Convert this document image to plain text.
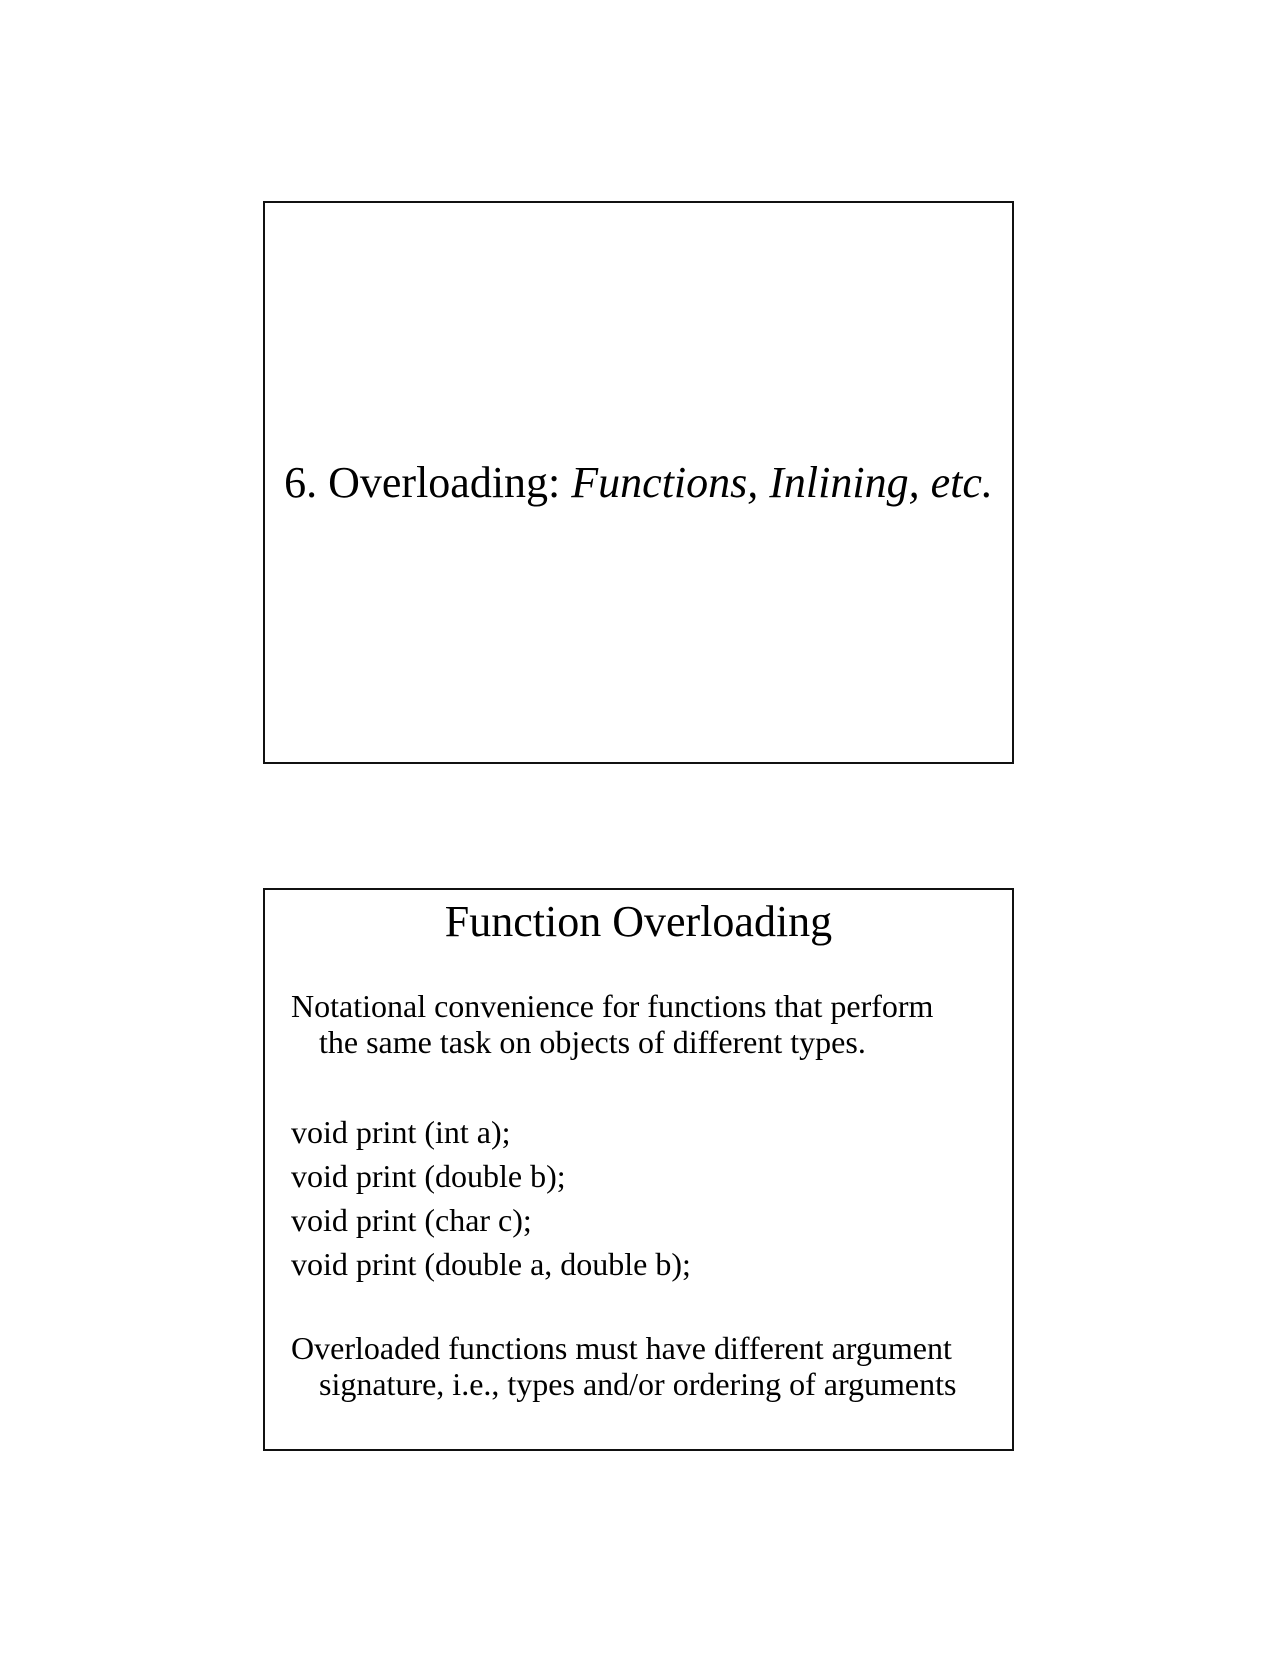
6. Overloading: Functions, Inlining, etc.
Function Overloading
Notational convenience for functions that perform
the same task on objects of different types.
void print (int a);
void print (double b);
void print (char c);
void print (double a, double b);
Overloaded functions must have different argument
signature, i.e., types and/or ordering of arguments
